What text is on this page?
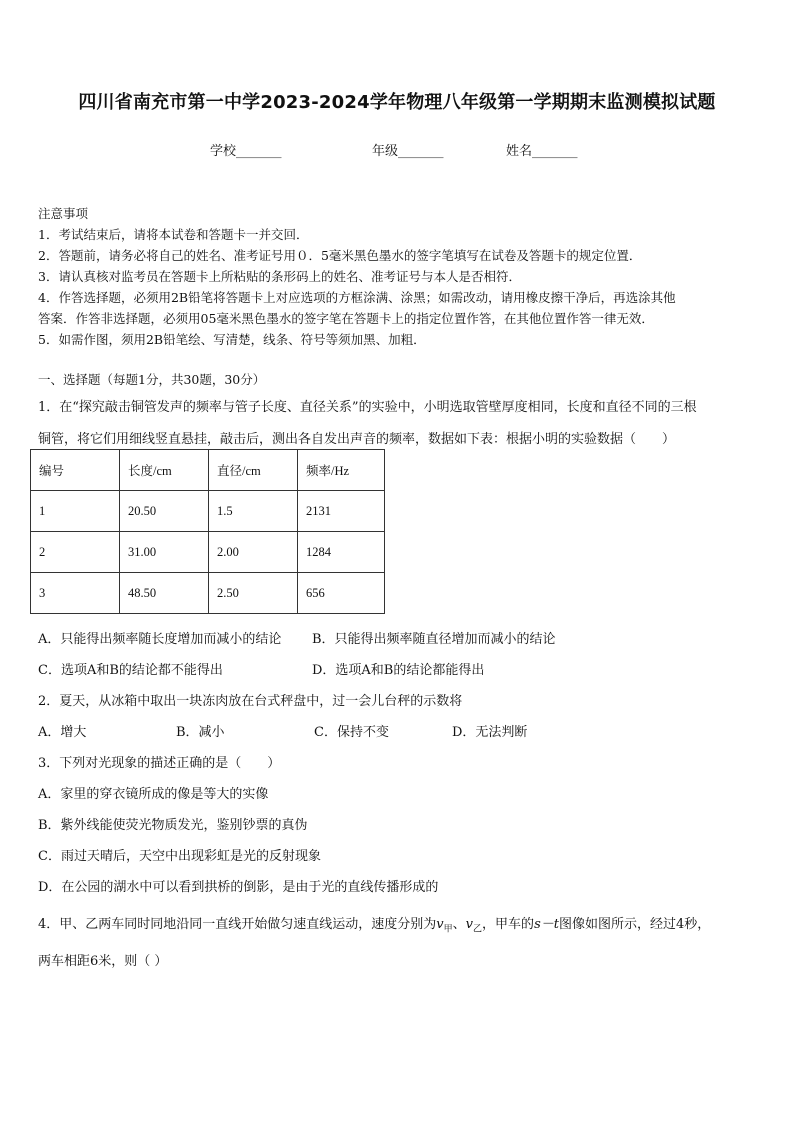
四川省南充市第一中学2023-2024学年物理八年级第一学期期末监测模拟试题
学校_______	年级_______	姓名_______
注意事项
1．考试结束后，请将本试卷和答题卡一并交回．
2．答题前，请务必将自己的姓名、准考证号用０．5毫米黑色墨水的签字笔填写在试卷及答题卡的规定位置．
3．请认真核对监考员在答题卡上所粘贴的条形码上的姓名、准考证号与本人是否相符．
4．作答选择题，必须用2B铅笔将答题卡上对应选项的方框涂满、涂黑；如需改动，请用橡皮擦干净后，再选涂其他
答案．作答非选择题，必须用05毫米黑色墨水的签字笔在答题卡上的指定位置作答，在其他位置作答一律无效．
5．如需作图，须用2B铅笔绘、写清楚，线条、符号等须加黑、加粗．
一、选择题（每题1分，共30题，30分）
1．在“探究敲击铜管发声的频率与管子长度、直径关系”的实验中，小明选取管壁厚度相同，长度和直径不同的三根
铜管，将它们用细线竖直悬挂，敲击后，测出各自发出声音的频率，数据如下表：根据小明的实验数据（　　）
编号	长度/cm	直径/cm	频率/Hz
1	20.50	1.5	2131
2	31.00	2.00	1284
3	48.50	2.50	656
A．只能得出频率随长度增加而减小的结论 B．只能得出频率随直径增加而减小的结论
C．选项A和B的结论都不能得出	D．选项A和B的结论都能得出
2．夏天，从冰箱中取出一块冻肉放在台式秤盘中，过一会儿台秤的示数将
A．增大	B．减小	C．保持不变	D．无法判断
3．下列对光现象的描述正确的是（　　）
A．家里的穿衣镜所成的像是等大的实像
B．紫外线能使荧光物质发光，鉴别钞票的真伪
C．雨过天晴后，天空中出现彩虹是光的反射现象
D．在公园的湖水中可以看到拱桥的倒影，是由于光的直线传播形成的
4．甲、乙两车同时同地沿同一直线开始做匀速直线运动，速度分别为$v_甲$、$v_乙$，甲车的s－t图像如图所示，经过4秒，
两车相距6米，则（ ）
